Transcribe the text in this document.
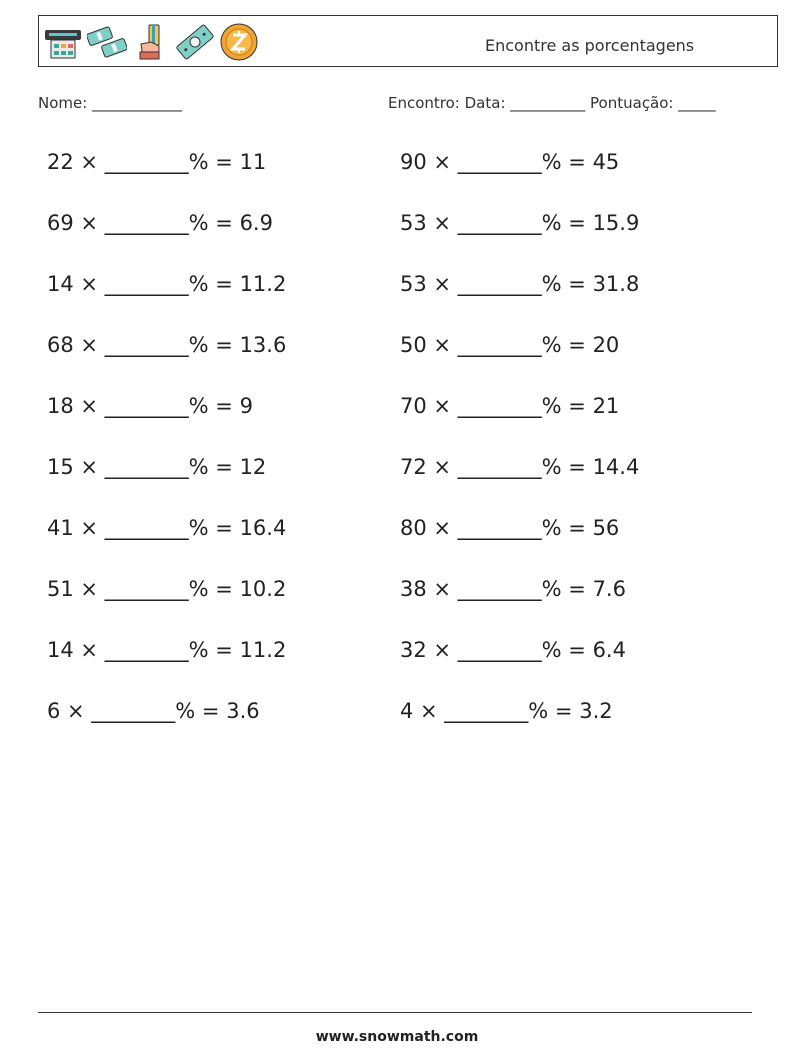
Encontre as porcentagens
Nome: ____________	Encontro: Data: __________ Pontuação: _____
22 × ________% = 11	90 × ________% = 45
69 × ________% = 6.9	53 × ________% = 15.9
14 × ________% = 11.2	53 × ________% = 31.8
68 × ________% = 13.6	50 × ________% = 20
18 × ________% = 9	70 × ________% = 21
15 × ________% = 12	72 × ________% = 14.4
41 × ________% = 16.4	80 × ________% = 56
51 × ________% = 10.2	38 × ________% = 7.6
14 × ________% = 11.2	32 × ________% = 6.4
6 × ________% = 3.6	4 × ________% = 3.2
www.snowmath.com
